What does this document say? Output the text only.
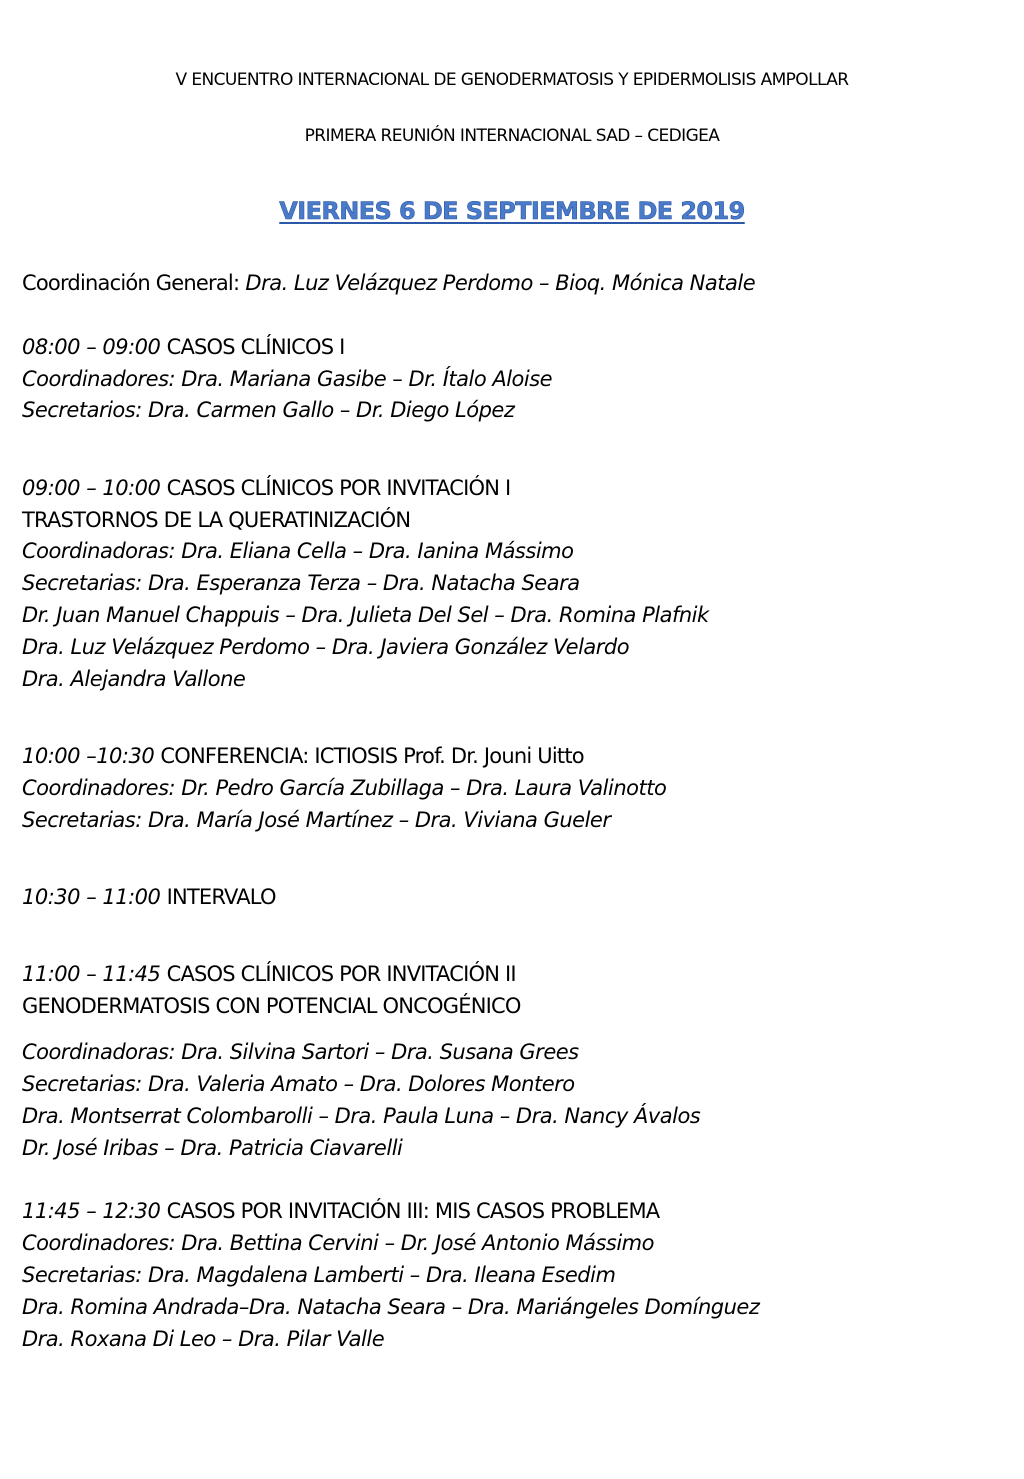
V ENCUENTRO INTERNACIONAL DE GENODERMATOSIS Y EPIDERMOLISIS AMPOLLAR
PRIMERA REUNIÓN INTERNACIONAL SAD – CEDIGEA
VIERNES 6 DE SEPTIEMBRE DE 2019
Coordinación General: Dra. Luz Velázquez Perdomo – Bioq. Mónica Natale
08:00 – 09:00 CASOS CLÍNICOS I
Coordinadores: Dra. Mariana Gasibe – Dr. Ítalo Aloise
Secretarios: Dra. Carmen Gallo – Dr. Diego López
09:00 – 10:00 CASOS CLÍNICOS POR INVITACIÓN I
TRASTORNOS DE LA QUERATINIZACIÓN
Coordinadoras: Dra. Eliana Cella – Dra. Ianina Mássimo
Secretarias: Dra. Esperanza Terza – Dra. Natacha Seara
Dr. Juan Manuel Chappuis – Dra. Julieta Del Sel – Dra. Romina Plafnik
Dra. Luz Velázquez Perdomo – Dra. Javiera González Velardo
Dra. Alejandra Vallone
10:00 –10:30 CONFERENCIA: ICTIOSIS Prof. Dr. Jouni Uitto
Coordinadores: Dr. Pedro García Zubillaga – Dra. Laura Valinotto
Secretarias: Dra. María José Martínez – Dra. Viviana Gueler
10:30 – 11:00 INTERVALO
11:00 – 11:45 CASOS CLÍNICOS POR INVITACIÓN II
GENODERMATOSIS CON POTENCIAL ONCOGÉNICO
Coordinadoras: Dra. Silvina Sartori – Dra. Susana Grees
Secretarias: Dra. Valeria Amato – Dra. Dolores Montero
Dra. Montserrat Colombarolli – Dra. Paula Luna – Dra. Nancy Ávalos
Dr. José Iribas – Dra. Patricia Ciavarelli
11:45 – 12:30 CASOS POR INVITACIÓN III: MIS CASOS PROBLEMA
Coordinadores: Dra. Bettina Cervini – Dr. José Antonio Mássimo
Secretarias: Dra. Magdalena Lamberti – Dra. Ileana Esedim
Dra. Romina Andrada–Dra. Natacha Seara – Dra. Mariángeles Domínguez
Dra. Roxana Di Leo – Dra. Pilar Valle
